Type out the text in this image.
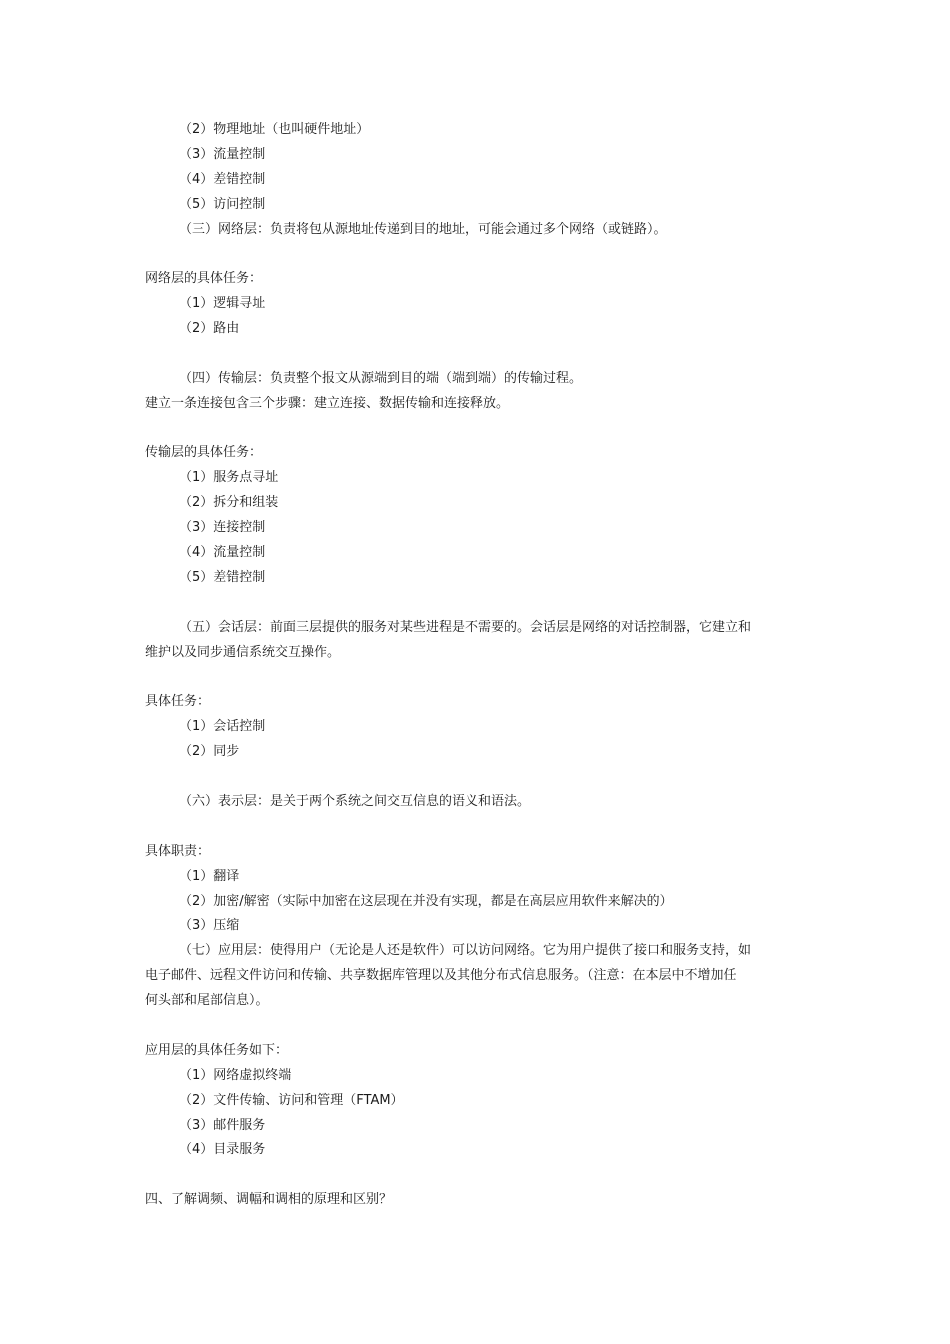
（2）物理地址（也叫硬件地址）
（3）流量控制
（4）差错控制
（5）访问控制
（三）网络层：负责将包从源地址传递到目的地址，可能会通过多个网络（或链路）。
网络层的具体任务：
（1）逻辑寻址
（2）路由
（四）传输层：负责整个报文从源端到目的端（端到端）的传输过程。
建立一条连接包含三个步骤：建立连接、数据传输和连接释放。
传输层的具体任务：
（1）服务点寻址
（2）拆分和组装
（3）连接控制
（4）流量控制
（5）差错控制
（五）会话层：前面三层提供的服务对某些进程是不需要的。会话层是网络的对话控制器，它建立和
维护以及同步通信系统交互操作。
具体任务：
（1）会话控制
（2）同步
（六）表示层：是关于两个系统之间交互信息的语义和语法。
具体职责：
（1）翻译
（2）加密/解密（实际中加密在这层现在并没有实现，都是在高层应用软件来解决的）
（3）压缩
（七）应用层：使得用户（无论是人还是软件）可以访问网络。它为用户提供了接口和服务支持，如
电子邮件、远程文件访问和传输、共享数据库管理以及其他分布式信息服务。（注意：在本层中不增加任
何头部和尾部信息）。
应用层的具体任务如下：
（1）网络虚拟终端
（2）文件传输、访问和管理（FTAM）
（3）邮件服务
（4）目录服务
四、了解调频、调幅和调相的原理和区别？
